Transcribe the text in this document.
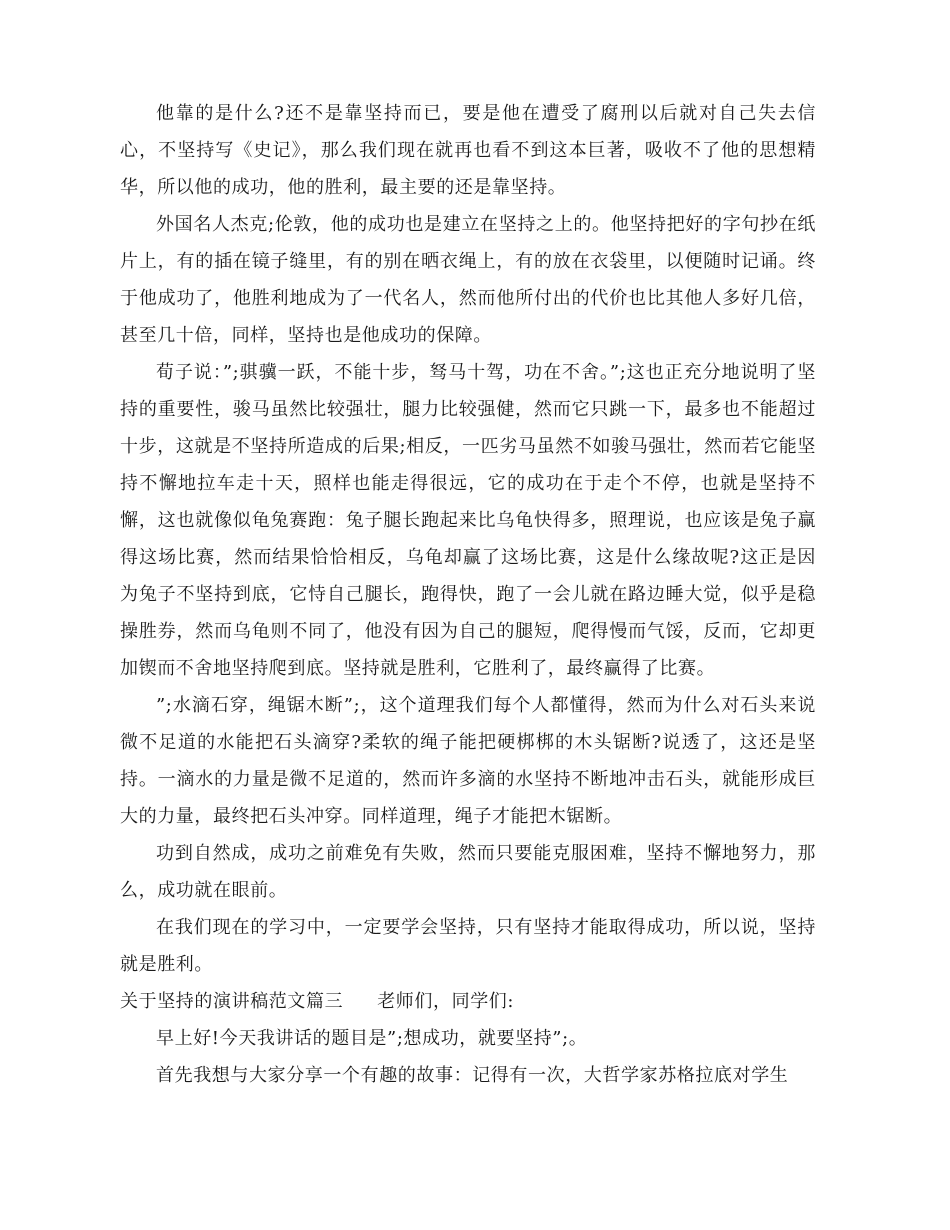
他靠的是什么?还不是靠坚持而已，要是他在遭受了腐刑以后就对自己失去信心，不坚持写《史记》，那么我们现在就再也看不到这本巨著，吸收不了他的思想精华，所以他的成功，他的胜利，最主要的还是靠坚持。

外国名人杰克;伦敦，他的成功也是建立在坚持之上的。他坚持把好的字句抄在纸片上，有的插在镜子缝里，有的别在晒衣绳上，有的放在衣袋里，以便随时记诵。终于他成功了，他胜利地成为了一代名人，然而他所付出的代价也比其他人多好几倍，甚至几十倍，同样，坚持也是他成功的保障。

荀子说：”;骐骥一跃，不能十步，驽马十驾，功在不舍。”;这也正充分地说明了坚持的重要性，骏马虽然比较强壮，腿力比较强健，然而它只跳一下，最多也不能超过十步，这就是不坚持所造成的后果;相反，一匹劣马虽然不如骏马强壮，然而若它能坚持不懈地拉车走十天，照样也能走得很远，它的成功在于走个不停，也就是坚持不懈，这也就像似龟兔赛跑：兔子腿长跑起来比乌龟快得多，照理说，也应该是兔子赢得这场比赛，然而结果恰恰相反，乌龟却赢了这场比赛，这是什么缘故呢?这正是因为兔子不坚持到底，它恃自己腿长，跑得快，跑了一会儿就在路边睡大觉，似乎是稳操胜券，然而乌龟则不同了，他没有因为自己的腿短，爬得慢而气馁，反而，它却更加锲而不舍地坚持爬到底。坚持就是胜利，它胜利了，最终赢得了比赛。

”;水滴石穿，绳锯木断”;，这个道理我们每个人都懂得，然而为什么对石头来说微不足道的水能把石头滴穿?柔软的绳子能把硬梆梆的木头锯断?说透了，这还是坚持。一滴水的力量是微不足道的，然而许多滴的水坚持不断地冲击石头，就能形成巨大的力量，最终把石头冲穿。同样道理，绳子才能把木锯断。

功到自然成，成功之前难免有失败，然而只要能克服困难，坚持不懈地努力，那么，成功就在眼前。

在我们现在的学习中，一定要学会坚持，只有坚持才能取得成功，所以说，坚持就是胜利。

关于坚持的演讲稿范文篇三 老师们，同学们:

早上好!今天我讲话的题目是”;想成功，就要坚持”;。

首先我想与大家分享一个有趣的故事：记得有一次，大哲学家苏格拉底对学生
